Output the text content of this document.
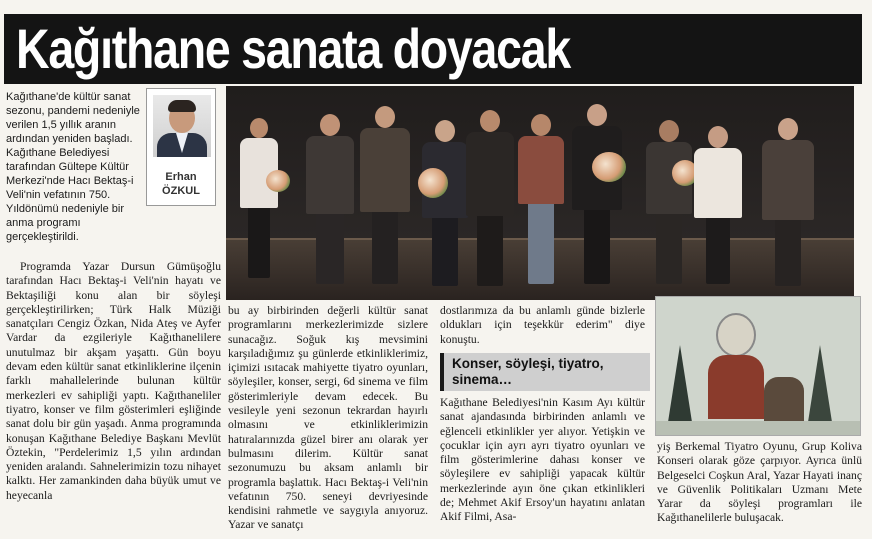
Kağıthane sanata doyacak

Kağıthane'de kültür sanat sezonu, pandemi nedeniyle verilen 1,5 yıllık aranın ardından yeniden başladı. Kağıthane Belediyesi tarafından Gültepe Kültür Merkezi'nde Hacı Bektaş-i Veli'nin vefatının 750. Yıldönümü nedeniyle bir anma programı gerçekleştirildi.

Erhan
ÖZKUL

Programda Yazar Dursun Gümüşoğlu tarafından Hacı Bektaş-i Veli'nin hayatı ve Bektaşiliği konu alan bir söyleşi gerçekleştirilirken; Türk Halk Müziği sanatçıları Cengiz Özkan, Nida Ateş ve Ayfer Vardar da ezgileriyle Kağıthanelilere unutulmaz bir akşam yaşattı. Gün boyu devam eden kültür sanat etkinliklerine ilçenin farklı mahallelerinde bulunan kültür merkezleri ev sahipliği yaptı. Kağıthaneliler tiyatro, konser ve film gösterimleri eşliğinde sanat dolu bir gün yaşadı. Anma programında konuşan Kağıthane Belediye Başkanı Mevlüt Öztekin, "Perdelerimiz 1,5 yılın ardından yeniden aralandı. Sahnelerimizin tozu nihayet kalktı. Her zamankinden daha büyük umut ve heyecanla

bu ay birbirinden değerli kültür sanat programlarını merkezlerimizde sizlere sunacağız. Soğuk kış mevsimini karşıladığımız şu günlerde etkinliklerimiz, içimizi ısıtacak mahiyette tiyatro oyunları, söyleşiler, konser, sergi, 6d sinema ve film gösterimleriyle devam edecek. Bu vesileyle yeni sezonun tekrardan hayırlı olmasını ve etkinliklerimizin hatıralarınızda güzel birer anı olarak yer bulmasını dilerim. Kültür sanat sezonumuzu bu aksam anlamlı bir programla başlattık. Hacı Bektaş-i Veli'nin vefatının 750. seneyi devriyesinde kendisini rahmetle ve saygıyla anıyoruz. Yazar ve sanatçı

dostlarımıza da bu anlamlı günde bizlerle oldukları için teşekkür ederim" diye konuştu.

Konser, söyleşi, tiyatro, sinema…

Kağıthane Belediyesi'nin Kasım Ayı kültür sanat ajandasında birbirinden anlamlı ve eğlenceli etkinlikler yer alıyor. Yetişkin ve çocuklar için ayrı ayrı tiyatro oyunları ve film gösterimlerine dahası konser ve söyleşilere ev sahipliği yapacak kültür merkezlerinde ayın öne çıkan etkinlikleri de; Mehmet Akif Ersoy'un hayatını anlatan Akif Filmi, Asa-

yiş Berkemal Tiyatro Oyunu, Grup Koliva Konseri olarak göze çarpıyor. Ayrıca ünlü Belgeselci Coşkun Aral, Yazar Hayati inanç ve Güvenlik Politikaları Uzmanı Mete Yarar da söyleşi programları ile Kağıthanelilerle buluşacak.
